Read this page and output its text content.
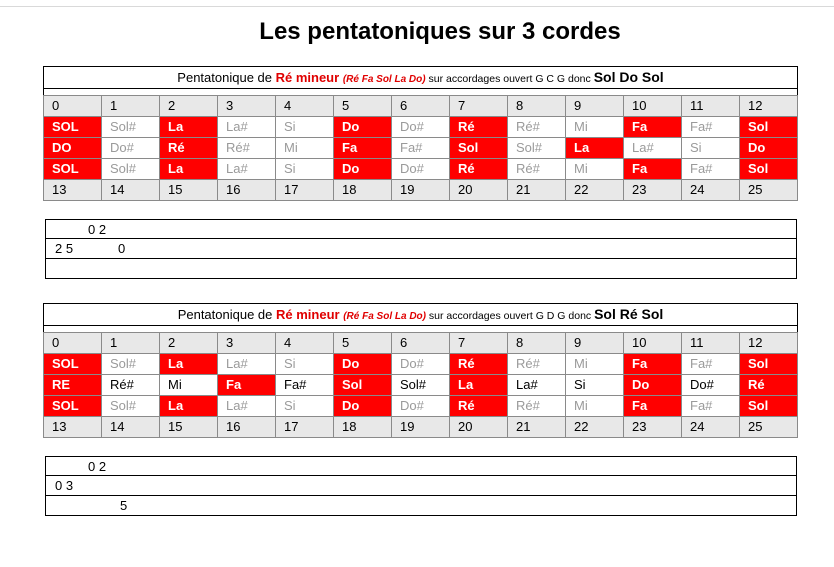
Les pentatoniques sur 3 cordes
Pentatonique de Ré mineur (Ré Fa Sol La Do) sur accordages ouvert G C G donc Sol Do Sol
0	1	2	3	4	5	6	7	8	9	10	11	12
SOL	Sol#	La	La#	Si	Do	Do#	Ré	Ré#	Mi	Fa	Fa#	Sol
DO	Do#	Ré	Ré#	Mi	Fa	Fa#	Sol	Sol#	La	La#	Si	Do
SOL	Sol#	La	La#	Si	Do	Do#	Ré	Ré#	Mi	Fa	Fa#	Sol
13	14	15	16	17	18	19	20	21	22	23	24	25
0 2
2 5	0
Pentatonique de Ré mineur (Ré Fa Sol La Do) sur accordages ouvert G D G donc Sol Ré Sol
0	1	2	3	4	5	6	7	8	9	10	11	12
SOL	Sol#	La	La#	Si	Do	Do#	Ré	Ré#	Mi	Fa	Fa#	Sol
RE	Ré#	Mi	Fa	Fa#	Sol	Sol#	La	La#	Si	Do	Do#	Ré
SOL	Sol#	La	La#	Si	Do	Do#	Ré	Ré#	Mi	Fa	Fa#	Sol
13	14	15	16	17	18	19	20	21	22	23	24	25
0 2
0 3
5
